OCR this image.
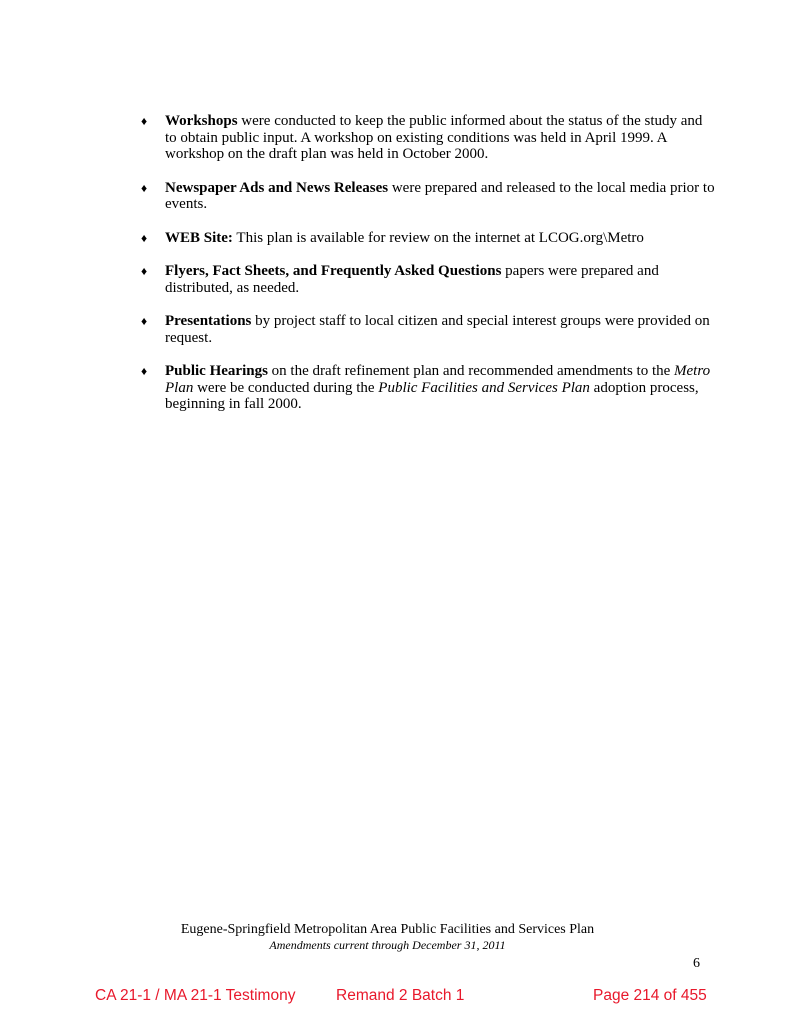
♦	Workshops were conducted to keep the public informed about the status of the study and to obtain public input. A workshop on existing conditions was held in April 1999. A workshop on the draft plan was held in October 2000.
♦	Newspaper Ads and News Releases were prepared and released to the local media prior to events.
♦	WEB Site: This plan is available for review on the internet at LCOG.org\Metro
♦	Flyers, Fact Sheets, and Frequently Asked Questions papers were prepared and distributed, as needed.
♦	Presentations by project staff to local citizen and special interest groups were provided on request.
♦	Public Hearings on the draft refinement plan and recommended amendments to the Metro Plan were be conducted during the Public Facilities and Services Plan adoption process, beginning in fall 2000.
Eugene-Springfield Metropolitan Area Public Facilities and Services Plan
Amendments current through December 31, 2011
6
CA 21-1 / MA 21-1 Testimony	Remand 2 Batch 1	Page 214 of 455
